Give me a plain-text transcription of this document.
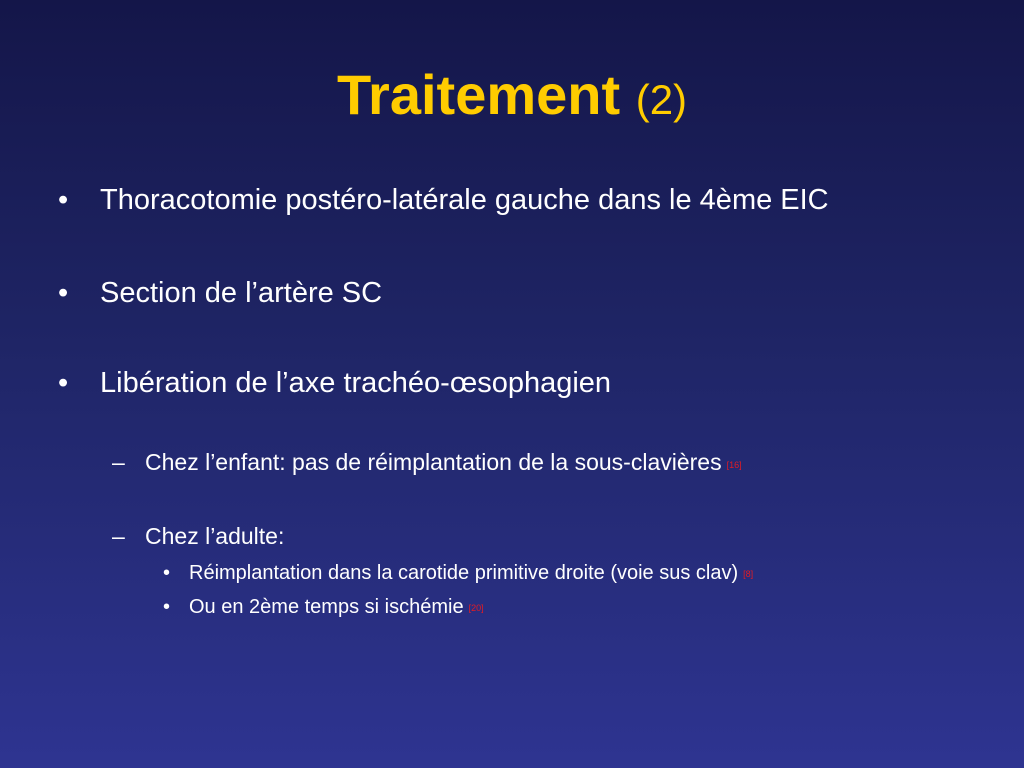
Traitement (2)
• Thoracotomie postéro-latérale gauche dans le 4ème EIC
• Section de l’artère SC
• Libération de l’axe trachéo-œsophagien
– Chez l’enfant: pas de réimplantation de la sous-clavières [16]
– Chez l’adulte:
• Réimplantation dans la carotide primitive droite (voie sus clav) [8]
• Ou en 2ème temps si ischémie [20]
